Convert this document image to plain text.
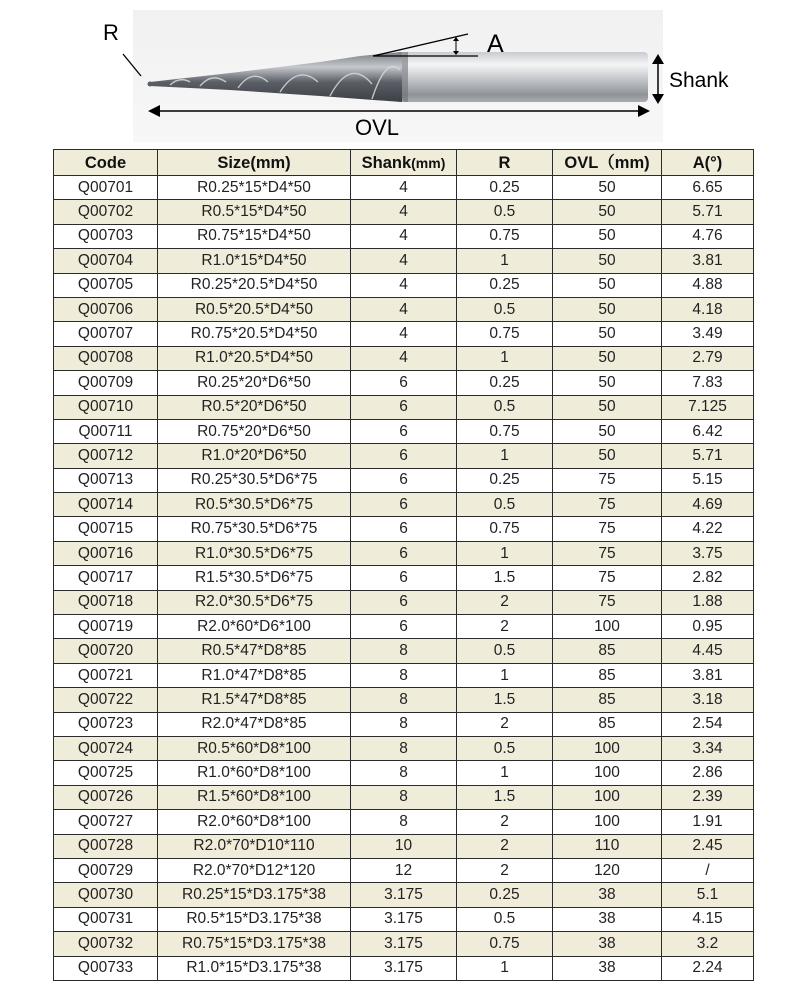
R	A
Shank
OVL
Code	Size(mm)	Shank(mm)	R	OVL（mm)	A(°)
Q00701	R0.25*15*D4*50	4	0.25	50	6.65
Q00702	R0.5*15*D4*50	4	0.5	50	5.71
Q00703	R0.75*15*D4*50	4	0.75	50	4.76
Q00704	R1.0*15*D4*50	4	1	50	3.81
Q00705	R0.25*20.5*D4*50	4	0.25	50	4.88
Q00706	R0.5*20.5*D4*50	4	0.5	50	4.18
Q00707	R0.75*20.5*D4*50	4	0.75	50	3.49
Q00708	R1.0*20.5*D4*50	4	1	50	2.79
Q00709	R0.25*20*D6*50	6	0.25	50	7.83
Q00710	R0.5*20*D6*50	6	0.5	50	7.125
Q00711	R0.75*20*D6*50	6	0.75	50	6.42
Q00712	R1.0*20*D6*50	6	1	50	5.71
Q00713	R0.25*30.5*D6*75	6	0.25	75	5.15
Q00714	R0.5*30.5*D6*75	6	0.5	75	4.69
Q00715	R0.75*30.5*D6*75	6	0.75	75	4.22
Q00716	R1.0*30.5*D6*75	6	1	75	3.75
Q00717	R1.5*30.5*D6*75	6	1.5	75	2.82
Q00718	R2.0*30.5*D6*75	6	2	75	1.88
Q00719	R2.0*60*D6*100	6	2	100	0.95
Q00720	R0.5*47*D8*85	8	0.5	85	4.45
Q00721	R1.0*47*D8*85	8	1	85	3.81
Q00722	R1.5*47*D8*85	8	1.5	85	3.18
Q00723	R2.0*47*D8*85	8	2	85	2.54
Q00724	R0.5*60*D8*100	8	0.5	100	3.34
Q00725	R1.0*60*D8*100	8	1	100	2.86
Q00726	R1.5*60*D8*100	8	1.5	100	2.39
Q00727	R2.0*60*D8*100	8	2	100	1.91
Q00728	R2.0*70*D10*110	10	2	110	2.45
Q00729	R2.0*70*D12*120	12	2	120	/
Q00730	R0.25*15*D3.175*38	3.175	0.25	38	5.1
Q00731	R0.5*15*D3.175*38	3.175	0.5	38	4.15
Q00732	R0.75*15*D3.175*38	3.175	0.75	38	3.2
Q00733	R1.0*15*D3.175*38	3.175	1	38	2.24
